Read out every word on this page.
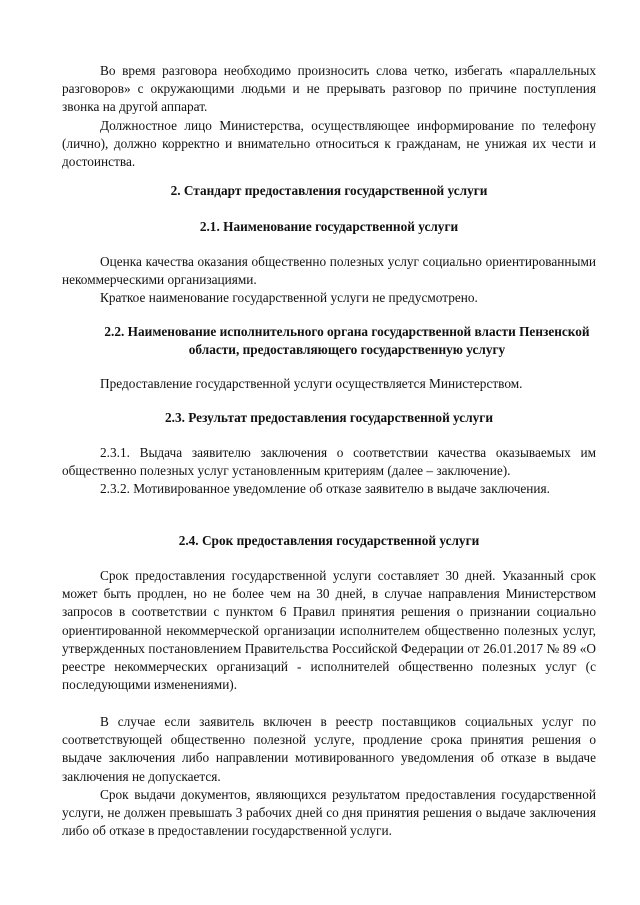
Во время разговора необходимо произносить слова четко, избегать «параллельных разговоров» с окружающими людьми и не прерывать разговор по причине поступления звонка на другой аппарат.

Должностное лицо Министерства, осуществляющее информирование по телефону (лично), должно корректно и внимательно относиться к гражданам, не унижая их чести и достоинства.

2. Стандарт предоставления государственной услуги

2.1. Наименование государственной услуги

Оценка качества оказания общественно полезных услуг социально ориентированными некоммерческими организациями.

Краткое наименование государственной услуги не предусмотрено.

2.2. Наименование исполнительного органа государственной власти Пензенской области, предоставляющего государственную услугу

Предоставление государственной услуги осуществляется Министерством.

2.3. Результат предоставления государственной услуги

2.3.1. Выдача заявителю заключения о соответствии качества оказываемых им общественно полезных услуг установленным критериям (далее – заключение).

2.3.2. Мотивированное уведомление об отказе заявителю в выдаче заключения.

2.4. Срок предоставления государственной услуги

Срок предоставления государственной услуги составляет 30 дней. Указанный срок может быть продлен, но не более чем на 30 дней, в случае направления Министерством запросов в соответствии с пунктом 6 Правил принятия решения о признании социально ориентированной некоммерческой организации исполнителем общественно полезных услуг, утвержденных постановлением Правительства Российской Федерации от 26.01.2017 № 89 «О реестре некоммерческих организаций - исполнителей общественно полезных услуг (с последующими изменениями).

В случае если заявитель включен в реестр поставщиков социальных услуг по соответствующей общественно полезной услуге, продление срока принятия решения о выдаче заключения либо направлении мотивированного уведомления об отказе в выдаче заключения не допускается.

Срок выдачи документов, являющихся результатом предоставления государственной услуги, не должен превышать 3 рабочих дней со дня принятия решения о выдаче заключения либо об отказе в предоставлении государственной услуги.
